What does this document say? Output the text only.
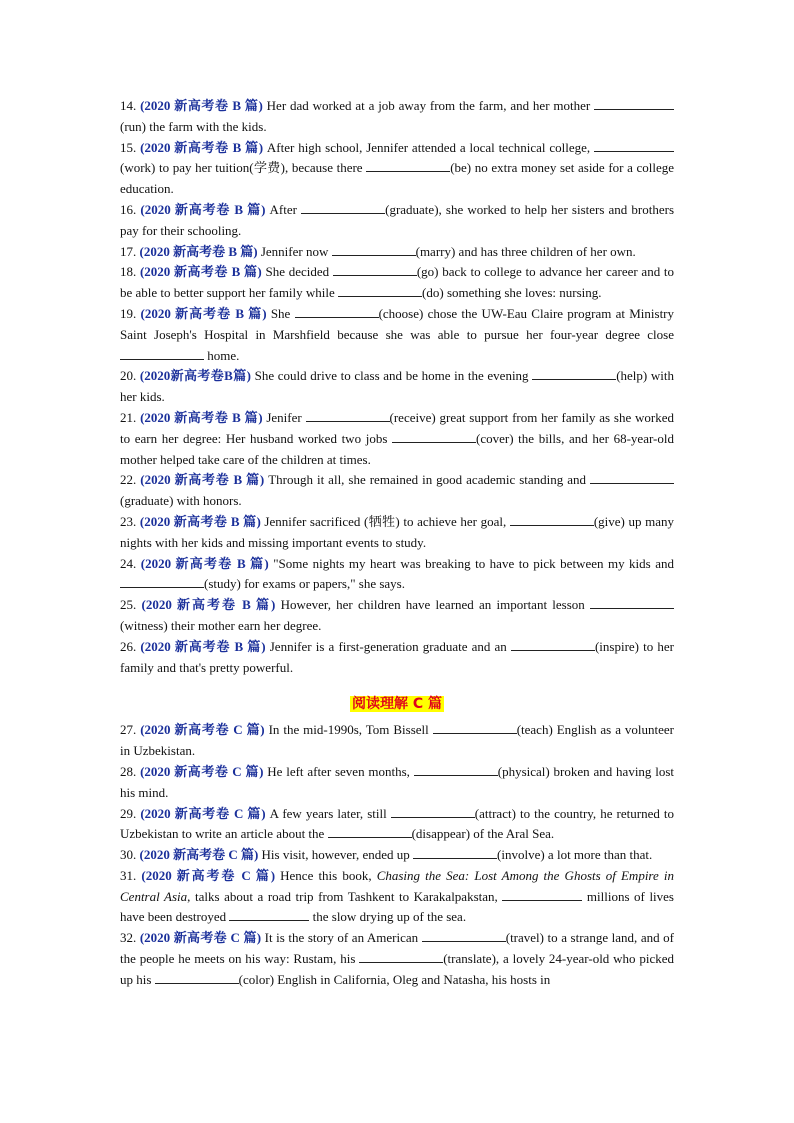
14. (2020 新高考卷 B 篇) Her dad worked at a job away from the farm, and her mother (run) the farm with the kids.

15. (2020 新高考卷 B 篇) After high school, Jennifer attended a local technical college, (work) to pay her tuition(学费), because there	(be) no extra money set aside for a college education.

16. (2020 新高考卷 B 篇) After	(graduate), she worked to help her sisters and brothers pay for their schooling.

17. (2020 新高考卷 B 篇) Jennifer now	(marry) and has three children of her own.

18. (2020 新高考卷 B 篇) She decided	(go) back to college to advance her career and to be able to better support her family while	(do) something she loves: nursing.

19. (2020 新高考卷 B 篇) She	(choose) chose the UW-Eau Claire program at Ministry Saint Joseph's Hospital in Marshfield because she was able to pursue her four-year degree close  home.

20. (2020新高考卷B篇) She could drive to class and be home in the evening	(help) with her kids.

21. (2020 新高考卷 B 篇) Jenifer	(receive) great support from her family as she worked to earn her degree: Her husband worked two jobs	(cover) the bills, and her 68-year-old mother helped take care of the children at times.

22. (2020 新高考卷 B 篇) Through it all, she remained in good academic standing and (graduate) with honors.

23. (2020 新高考卷 B 篇) Jennifer sacrificed (牺牲) to achieve her goal,	(give) up many nights with her kids and missing important events to study.

24. (2020 新高考卷 B 篇) "Some nights my heart was breaking to have to pick between my kids and (study) for exams or papers," she says.

25. (2020 新高考卷 B 篇) However, her children have learned an important lesson (witness) their mother earn her degree.

26. (2020 新高考卷 B 篇) Jennifer is a first-generation graduate and an	(inspire) to her family and that's pretty powerful.

阅读理解 C 篇

27. (2020 新高考卷 C 篇) In the mid-1990s, Tom Bissell	(teach) English as a volunteer in Uzbekistan.

28. (2020 新高考卷 C 篇) He left after seven months,	(physical) broken and having lost his mind.

29. (2020 新高考卷 C 篇) A few years later, still	(attract) to the country, he returned to Uzbekistan to write an article about the	(disappear) of the Aral Sea.

30. (2020 新高考卷 C 篇) His visit, however, ended up	(involve) a lot more than that.

31. (2020 新高考卷 C 篇) Hence this book, Chasing the Sea: Lost Among the Ghosts of Empire in Central Asia, talks about a road trip from Tashkent to Karakalpakstan,	millions of lives have been destroyed	the slow drying up of the sea.

32. (2020 新高考卷 C 篇) It is the story of an American	(travel) to a strange land, and of the people he meets on his way: Rustam, his	(translate), a lovely 24-year-old who picked up his	(color) English in California, Oleg and Natasha, his hosts in
